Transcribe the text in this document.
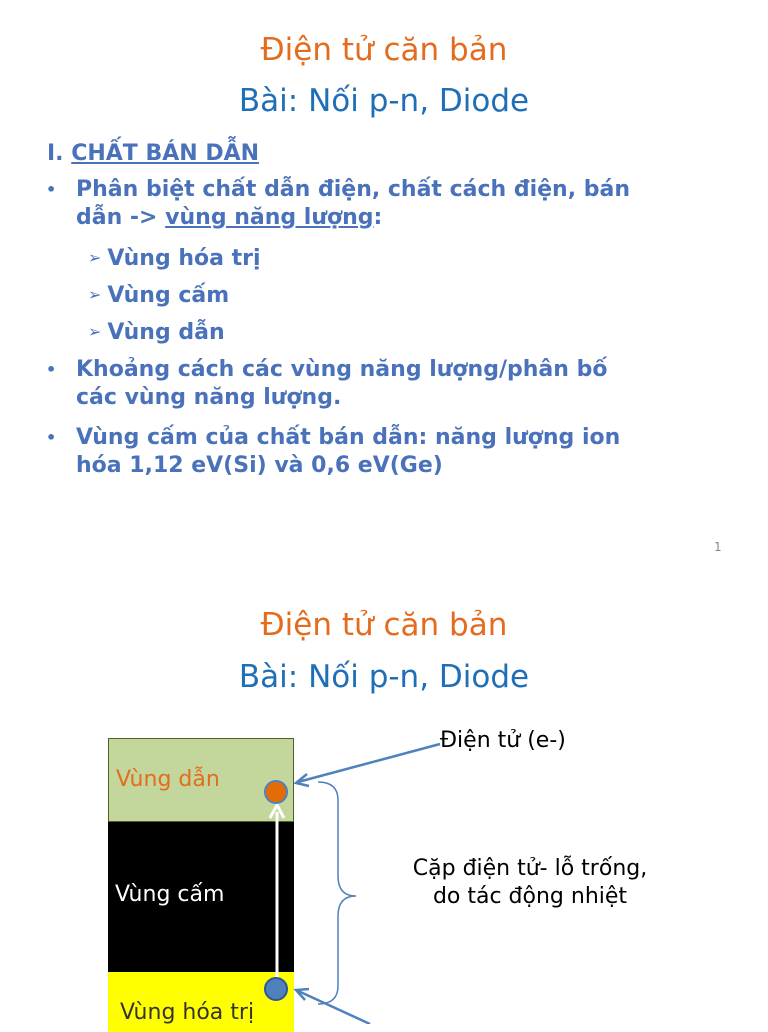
Điện tử căn bản
Bài: Nối p-n, Diode
I. CHẤT BÁN DẪN
• Phân biệt chất dẫn điện, chất cách điện, bán
dẫn -> vùng năng lượng:
➢ Vùng hóa trị
➢ Vùng cấm
➢ Vùng dẫn
• Khoảng cách các vùng năng lượng/phân bố
các vùng năng lượng.
• Vùng cấm của chất bán dẫn: năng lượng ion
hóa 1,12 eV(Si) và 0,6 eV(Ge)
1
Điện tử căn bản
Bài: Nối p-n, Diode
Vùng dẫn
Vùng cấm
Vùng hóa trị
Điện tử (e-)
Cặp điện tử- lỗ trống,
do tác động nhiệt
